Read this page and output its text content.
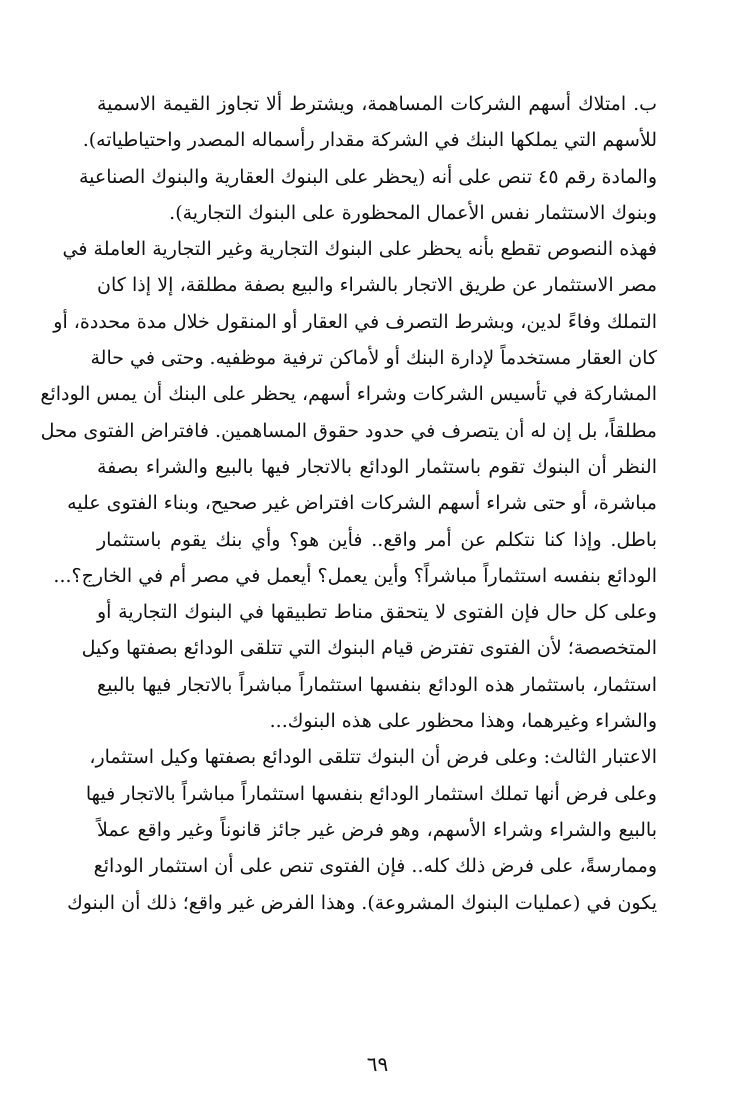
ب. امتلاك أسهم الشركات المساهمة، ويشترط ألا تجاوز القيمة الاسمية
للأسهم التي يملكها البنك في الشركة مقدار رأسماله المصدر واحتياطياته).
والمادة رقم ٤٥ تنص على أنه (يحظر على البنوك العقارية والبنوك الصناعية
وبنوك الاستثمار نفس الأعمال المحظورة على البنوك التجارية).
فهذه النصوص تقطع بأنه يحظر على البنوك التجارية وغير التجارية العاملة في
مصر الاستثمار عن طريق الاتجار بالشراء والبيع بصفة مطلقة، إلا إذا كان
التملك وفاءً لدين، وبشرط التصرف في العقار أو المنقول خلال مدة محددة، أو
كان العقار مستخدماً لإدارة البنك أو لأماكن ترفية موظفيه. وحتى في حالة
المشاركة في تأسيس الشركات وشراء أسهم، يحظر على البنك أن يمس الودائع
مطلقاً، بل إن له أن يتصرف في حدود حقوق المساهمين. فافتراض الفتوى محل
النظر أن البنوك تقوم باستثمار الودائع بالاتجار فيها بالبيع والشراء بصفة
مباشرة، أو حتى شراء أسهم الشركات افتراض غير صحيح، وبناء الفتوى عليه
باطل. وإذا كنا نتكلم عن أمر واقع.. فأين هو؟ وأي بنك يقوم باستثمار
الودائع بنفسه استثماراً مباشراً؟ وأين يعمل؟ أيعمل في مصر أم في الخارج؟...
وعلى كل حال فإن الفتوى لا يتحقق مناط تطبيقها في البنوك التجارية أو
المتخصصة؛ لأن الفتوى تفترض قيام البنوك التي تتلقى الودائع بصفتها وكيل
استثمار، باستثمار هذه الودائع بنفسها استثماراً مباشراً بالاتجار فيها بالبيع
والشراء وغيرهما، وهذا محظور على هذه البنوك...
الاعتبار الثالث: وعلى فرض أن البنوك تتلقى الودائع بصفتها وكيل استثمار،
وعلى فرض أنها تملك استثمار الودائع بنفسها استثماراً مباشراً بالاتجار فيها
بالبيع والشراء وشراء الأسهم، وهو فرض غير جائز قانوناً وغير واقع عملاً
وممارسةً، على فرض ذلك كله.. فإن الفتوى تنص على أن استثمار الودائع
يكون في (عمليات البنوك المشروعة). وهذا الفرض غير واقع؛ ذلك أن البنوك
٦٩
